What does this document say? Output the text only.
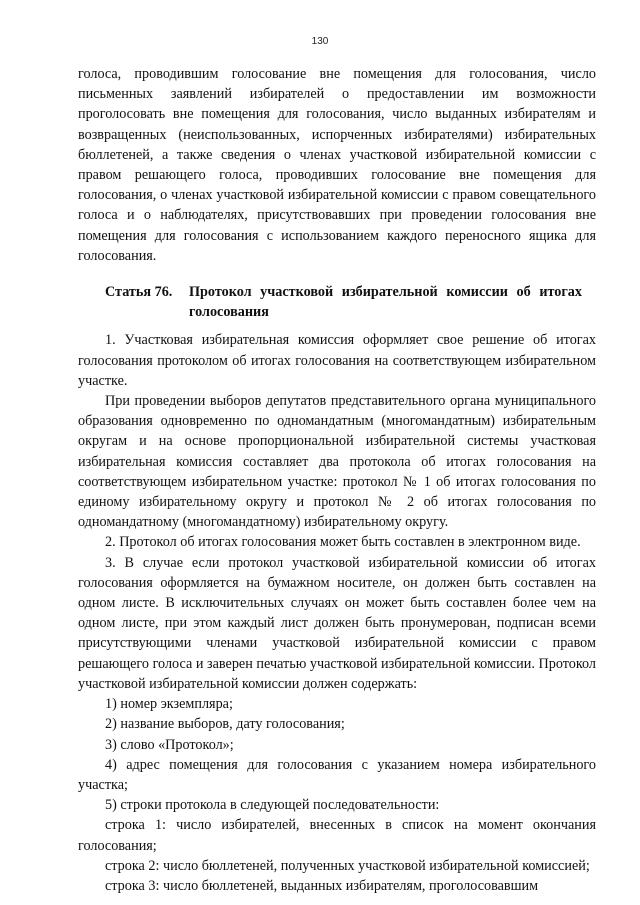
130

голоса, проводившим голосование вне помещения для голосования, число письменных заявлений избирателей о предоставлении им возможности проголосовать вне помещения для голосования, число выданных избирателям и возвращенных (неиспользованных, испорченных избирателями) избирательных бюллетеней, а также сведения о членах участковой избирательной комиссии с правом решающего голоса, проводивших голосование вне помещения для голосования, о членах участковой избирательной комиссии с правом совещательного голоса и о наблюдателях, присутствовавших при проведении голосования вне помещения для голосования с использованием каждого переносного ящика для голосования.

Статья 76.	Протокол участковой избирательной комиссии об итогах голосования

1. Участковая избирательная комиссия оформляет свое решение об итогах голосования протоколом об итогах голосования на соответствующем избирательном участке.

При проведении выборов депутатов представительного органа муниципального образования одновременно по одномандатным (многомандатным) избирательным округам и на основе пропорциональной избирательной системы участковая избирательная комиссия составляет два протокола об итогах голосования на соответствующем избирательном участке: протокол № 1 об итогах голосования по единому избирательному округу и протокол № 2 об итогах голосования по одномандатному (многомандатному) избирательному округу.

2. Протокол об итогах голосования может быть составлен в электронном виде.

3. В случае если протокол участковой избирательной комиссии об итогах голосования оформляется на бумажном носителе, он должен быть составлен на одном листе. В исключительных случаях он может быть составлен более чем на одном листе, при этом каждый лист должен быть пронумерован, подписан всеми присутствующими членами участковой избирательной комиссии с правом решающего голоса и заверен печатью участковой избирательной комиссии. Протокол участковой избирательной комиссии должен содержать:

1) номер экземпляра;

2) название выборов, дату голосования;

3) слово «Протокол»;

4) адрес помещения для голосования с указанием номера избирательного участка;

5) строки протокола в следующей последовательности:

строка 1: число избирателей, внесенных в список на момент окончания голосования;

строка 2: число бюллетеней, полученных участковой избирательной комиссией;

строка 3: число бюллетеней, выданных избирателям, проголосовавшим
